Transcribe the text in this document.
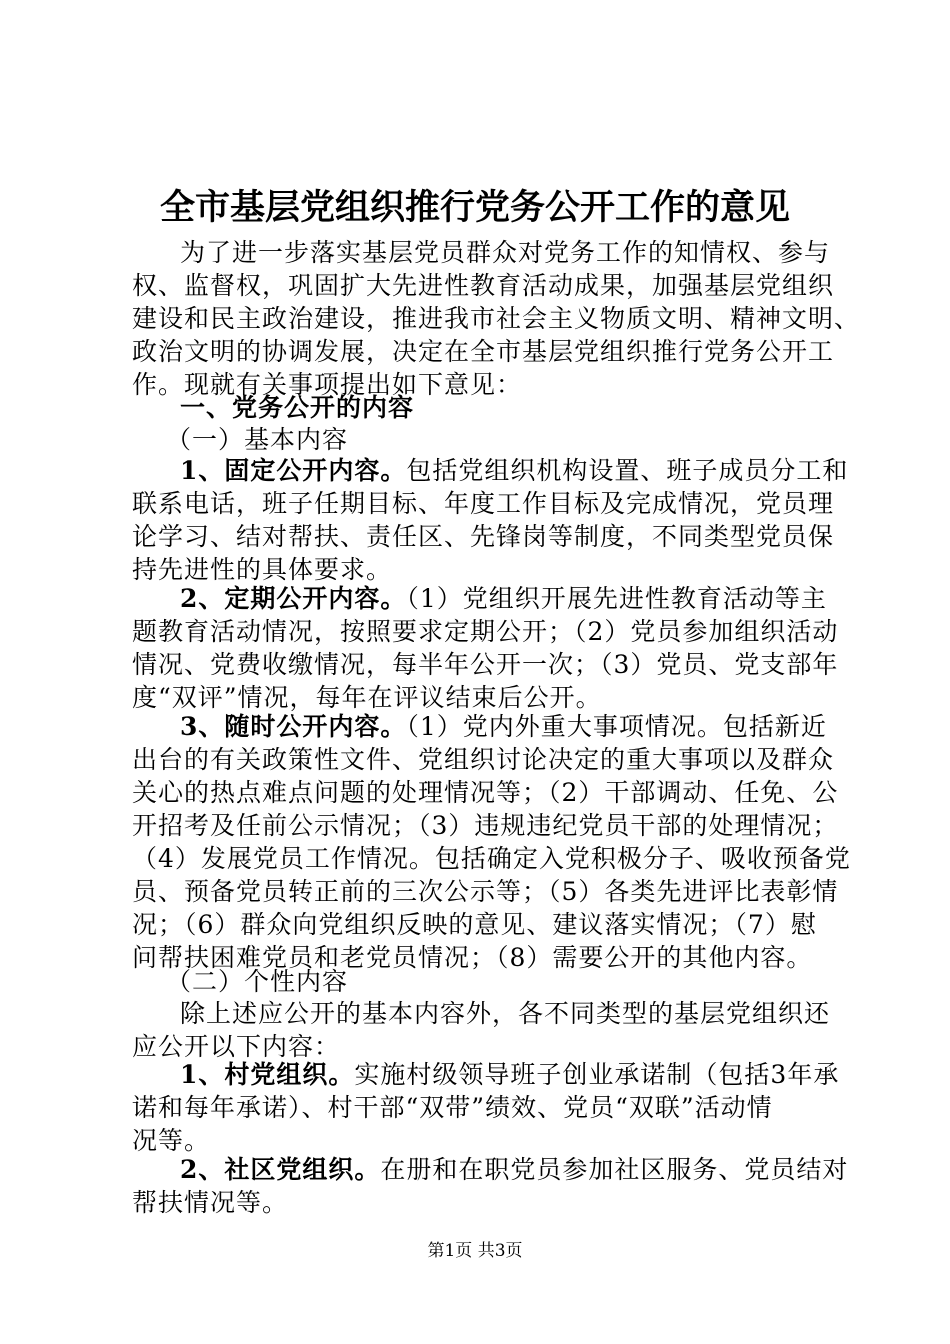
全市基层党组织推行党务公开工作的意见
为了进一步落实基层党员群众对党务工作的知情权、参与
权、监督权，巩固扩大先进性教育活动成果，加强基层党组织
建设和民主政治建设，推进我市社会主义物质文明、精神文明、
政治文明的协调发展，决定在全市基层党组织推行党务公开工
作。现就有关事项提出如下意见：
一、党务公开的内容
（一）基本内容
1、固定公开内容。包括党组织机构设置、班子成员分工和
联系电话，班子任期目标、年度工作目标及完成情况，党员理
论学习、结对帮扶、责任区、先锋岗等制度，不同类型党员保
持先进性的具体要求。
2、定期公开内容。（1）党组织开展先进性教育活动等主
题教育活动情况，按照要求定期公开；（2）党员参加组织活动
情况、党费收缴情况，每半年公开一次；（3）党员、党支部年
度“双评”情况，每年在评议结束后公开。
3、随时公开内容。（1）党内外重大事项情况。包括新近
出台的有关政策性文件、党组织讨论决定的重大事项以及群众
关心的热点难点问题的处理情况等；（2）干部调动、任免、公
开招考及任前公示情况；（3）违规违纪党员干部的处理情况；
（4）发展党员工作情况。包括确定入党积极分子、吸收预备党
员、预备党员转正前的三次公示等；（5）各类先进评比表彰情
况；（6）群众向党组织反映的意见、建议落实情况；（7）慰
问帮扶困难党员和老党员情况；（8）需要公开的其他内容。
（二）个性内容
除上述应公开的基本内容外，各不同类型的基层党组织还
应公开以下内容：
1、村党组织。实施村级领导班子创业承诺制（包括3年承
诺和每年承诺）、村干部“双带”绩效、党员“双联”活动情
况等。
2、社区党组织。在册和在职党员参加社区服务、党员结对
帮扶情况等。
第1页 共3页
